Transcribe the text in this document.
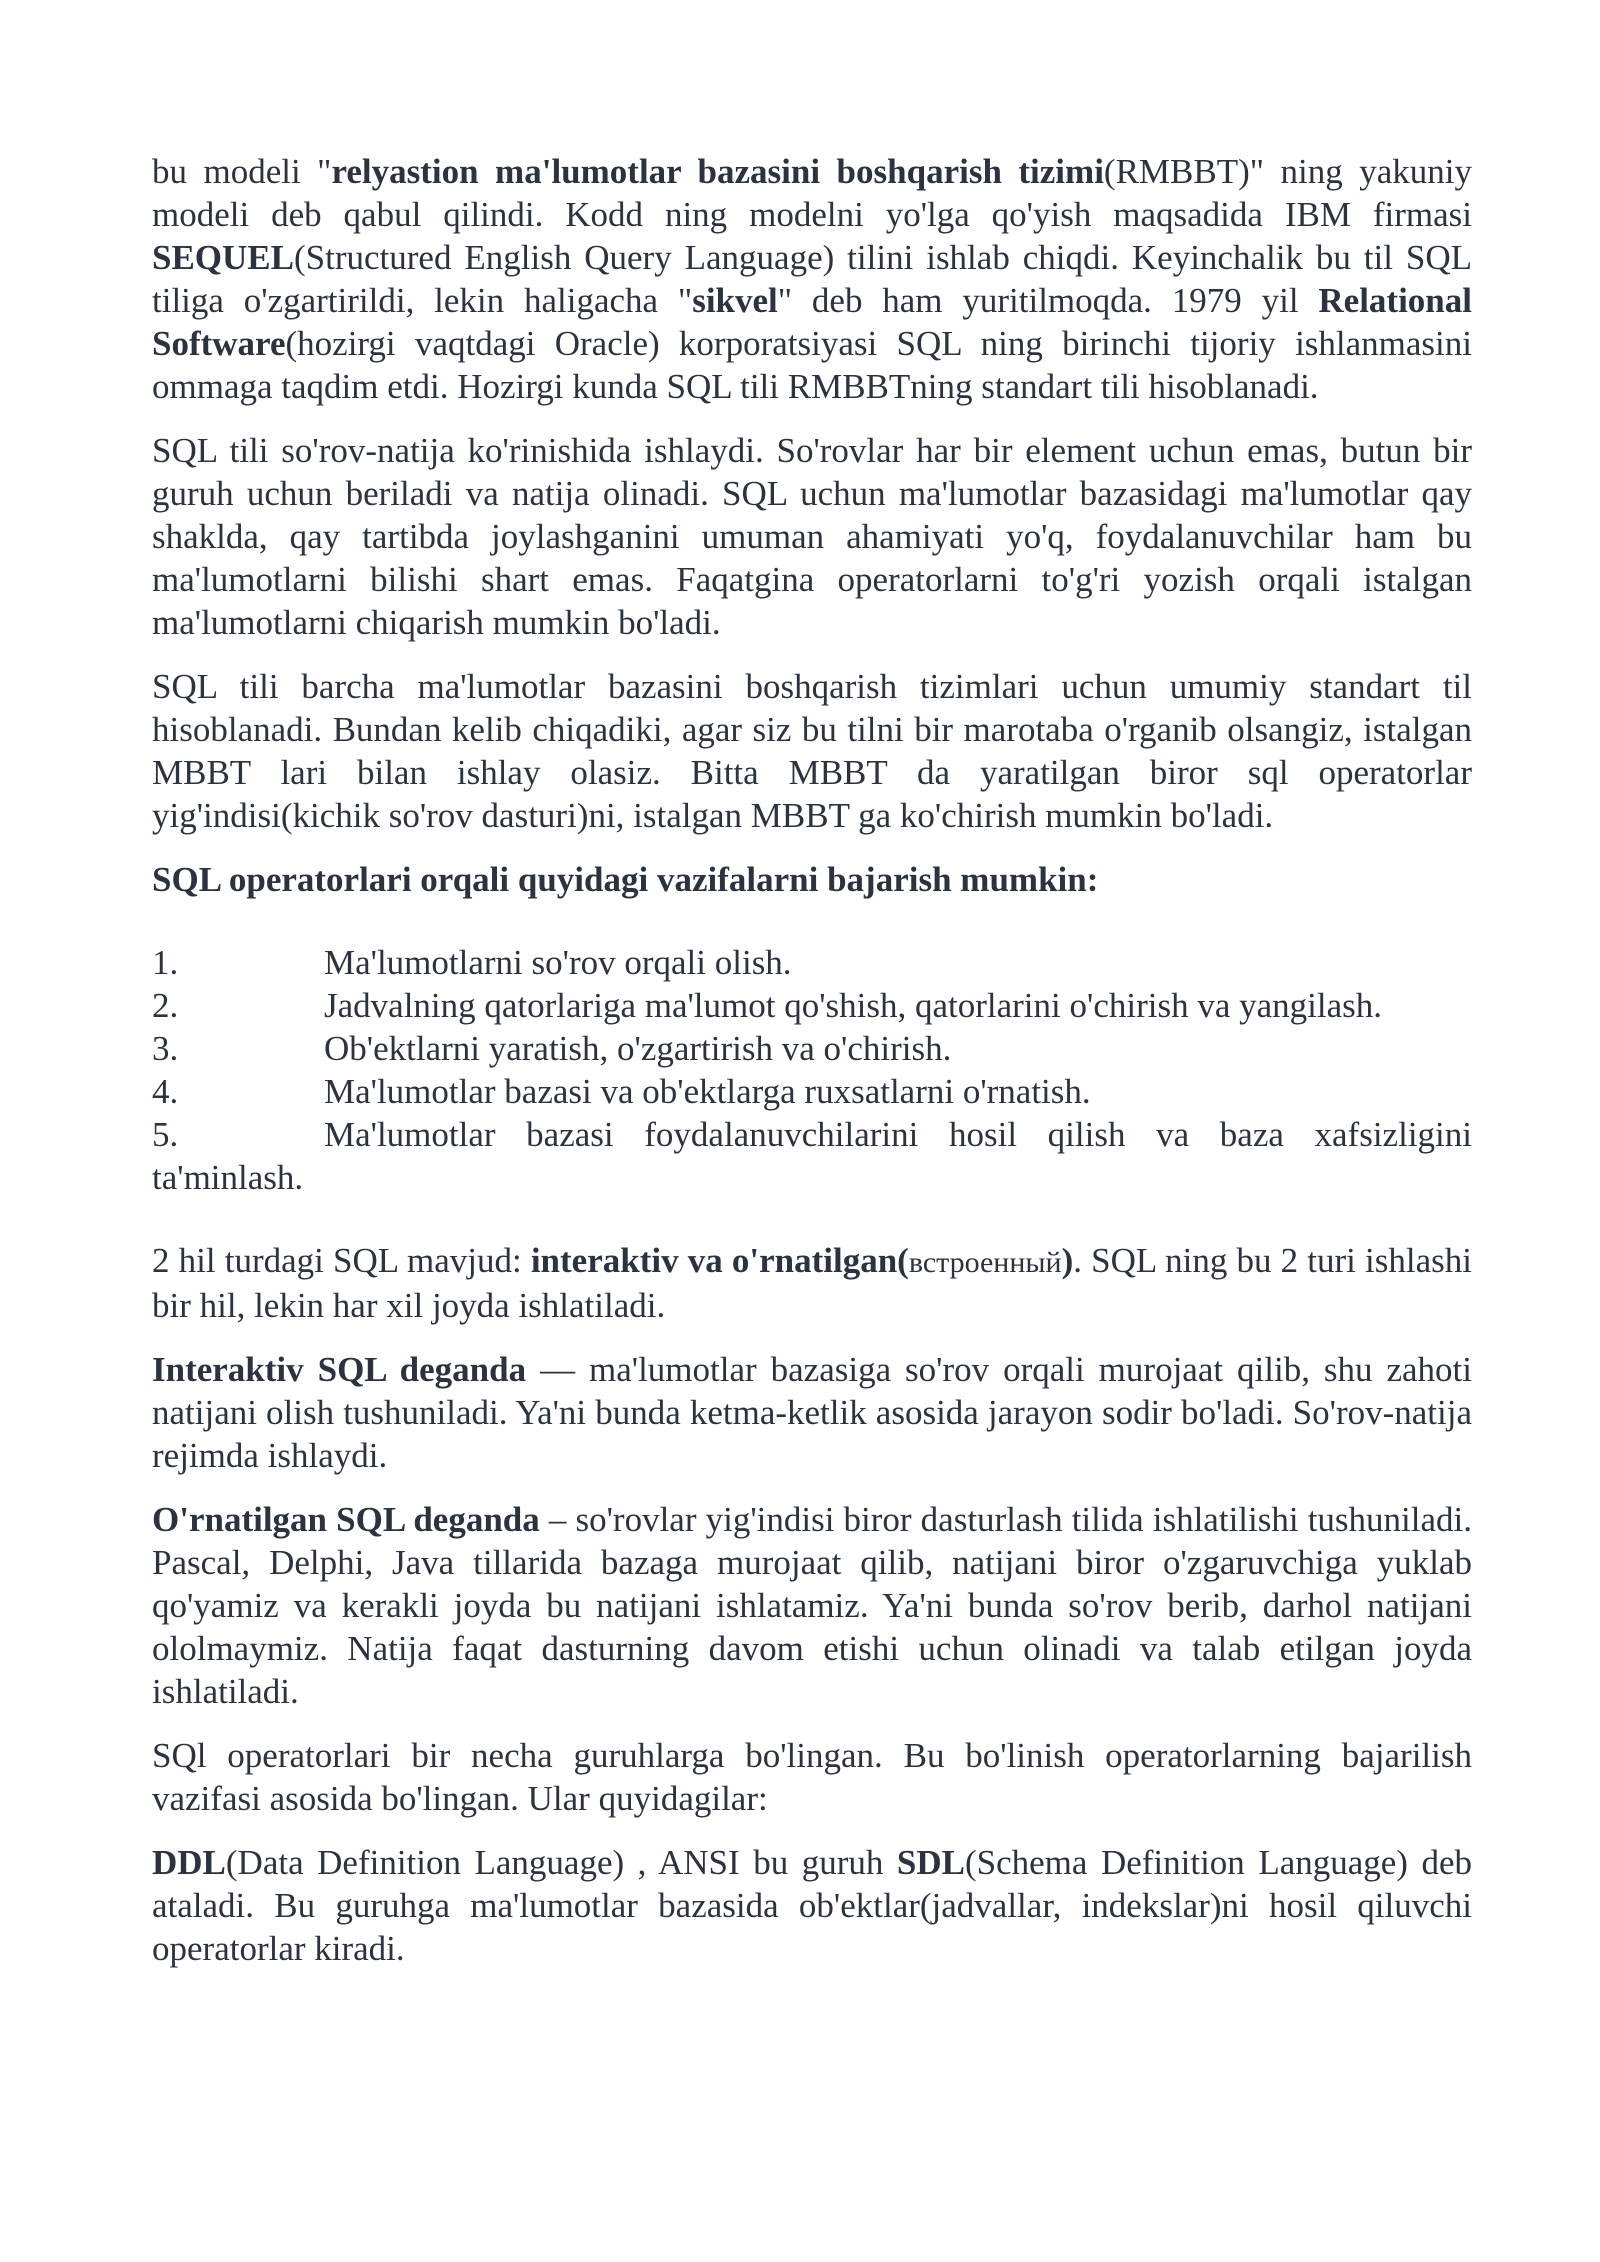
bu modeli "relyastion ma'lumotlar bazasini boshqarish tizimi(RMBBT)" ning yakuniy modeli deb qabul qilindi. Kodd ning modelni yo'lga qo'yish maqsadida IBM firmasi SEQUEL(Structured English Query Language) tilini ishlab chiqdi. Keyinchalik bu til SQL tiliga o'zgartirildi, lekin haligacha "sikvel" deb ham yuritilmoqda. 1979 yil Relational Software(hozirgi vaqtdagi Oracle) korporatsiyasi SQL ning birinchi tijoriy ishlanmasini ommaga taqdim etdi. Hozirgi kunda SQL tili RMBBTning standart tili hisoblanadi.

SQL tili so'rov-natija ko'rinishida ishlaydi. So'rovlar har bir element uchun emas, butun bir guruh uchun beriladi va natija olinadi. SQL uchun ma'lumotlar bazasidagi ma'lumotlar qay shaklda, qay tartibda joylashganini umuman ahamiyati yo'q, foydalanuvchilar ham bu ma'lumotlarni bilishi shart emas. Faqatgina operatorlarni to'g'ri yozish orqali istalgan ma'lumotlarni chiqarish mumkin bo'ladi.

SQL tili barcha ma'lumotlar bazasini boshqarish tizimlari uchun umumiy standart til hisoblanadi. Bundan kelib chiqadiki, agar siz bu tilni bir marotaba o'rganib olsangiz, istalgan MBBT lari bilan ishlay olasiz. Bitta MBBT da yaratilgan biror sql operatorlar yig'indisi(kichik so'rov dasturi)ni, istalgan MBBT ga ko'chirish mumkin bo'ladi.

SQL operatorlari orqali quyidagi vazifalarni bajarish mumkin:

1.	Ma'lumotlarni so'rov orqali olish.
2.	Jadvalning qatorlariga ma'lumot qo'shish, qatorlarini o'chirish va yangilash.
3.	Ob'ektlarni yaratish, o'zgartirish va o'chirish.
4.	Ma'lumotlar bazasi va ob'ektlarga ruxsatlarni o'rnatish.
5.	Ma'lumotlar bazasi foydalanuvchilarini hosil qilish va baza xafsizligini ta'minlash.

2 hil turdagi SQL mavjud: interaktiv va o'rnatilgan(встроенный). SQL ning bu 2 turi ishlashi bir hil, lekin har xil joyda ishlatiladi.

Interaktiv SQL deganda — ma'lumotlar bazasiga so'rov orqali murojaat qilib, shu zahoti natijani olish tushuniladi. Ya'ni bunda ketma-ketlik asosida jarayon sodir bo'ladi. So'rov-natija rejimda ishlaydi.

O'rnatilgan SQL deganda – so'rovlar yig'indisi biror dasturlash tilida ishlatilishi tushuniladi. Pascal, Delphi, Java tillarida bazaga murojaat qilib, natijani biror o'zgaruvchiga yuklab qo'yamiz va kerakli joyda bu natijani ishlatamiz. Ya'ni bunda so'rov berib, darhol natijani ololmaymiz. Natija faqat dasturning davom etishi uchun olinadi va talab etilgan joyda ishlatiladi.

SQl operatorlari bir necha guruhlarga bo'lingan. Bu bo'linish operatorlarning bajarilish vazifasi asosida bo'lingan. Ular quyidagilar:

DDL(Data Definition Language) , ANSI bu guruh SDL(Schema Definition Language) deb ataladi. Bu guruhga ma'lumotlar bazasida ob'ektlar(jadvallar, indekslar)ni hosil qiluvchi operatorlar kiradi.
